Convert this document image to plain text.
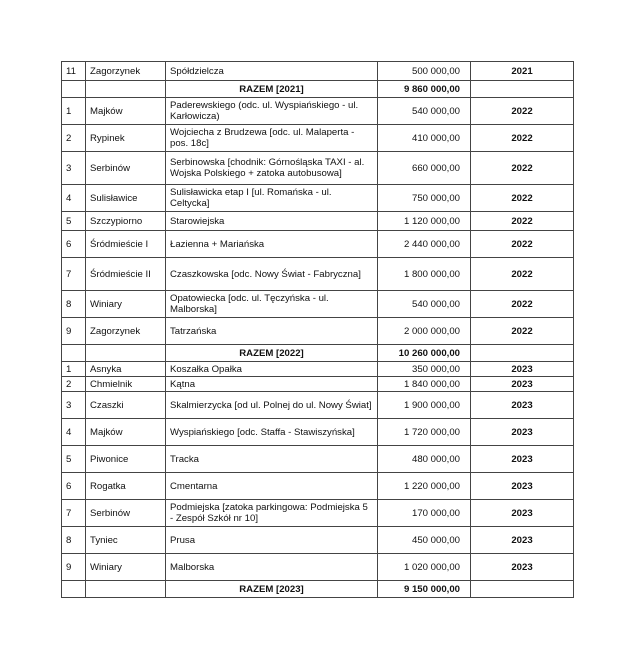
11	Zagorzynek	Spółdzielcza	500 000,00	2021
		RAZEM [2021]	9 860 000,00	
1	Majków	Paderewskiego (odc. ul. Wyspiańskiego - ul. Karłowicza)	540 000,00	2022
2	Rypinek	Wojciecha z Brudzewa [odc. ul. Malaperta - pos. 18c]	410 000,00	2022
3	Serbinów	Serbinowska [chodnik: Górnośląska TAXI - al. Wojska Polskiego + zatoka autobusowa]	660 000,00	2022
4	Sulisławice	Sulisławicka etap I [ul. Romańska - ul. Celtycka]	750 000,00	2022
5	Szczypiorno	Starowiejska	1 120 000,00	2022
6	Śródmieście I	Łazienna + Mariańska	2 440 000,00	2022
7	Śródmieście II	Czaszkowska [odc. Nowy Świat - Fabryczna]	1 800 000,00	2022
8	Winiary	Opatowiecka [odc. ul. Tęczyńska - ul. Malborska]	540 000,00	2022
9	Zagorzynek	Tatrzańska	2 000 000,00	2022
		RAZEM [2022]	10 260 000,00	
1	Asnyka	Koszałka Opałka	350 000,00	2023
2	Chmielnik	Kątna	1 840 000,00	2023
3	Czaszki	Skalmierzycka [od ul. Polnej do ul. Nowy Świat]	1 900 000,00	2023
4	Majków	Wyspiańskiego [odc. Staffa - Stawiszyńska]	1 720 000,00	2023
5	Piwonice	Tracka	480 000,00	2023
6	Rogatka	Cmentarna	1 220 000,00	2023
7	Serbinów	Podmiejska [zatoka parkingowa: Podmiejska 5 - Zespół Szkół nr 10]	170 000,00	2023
8	Tyniec	Prusa	450 000,00	2023
9	Winiary	Malborska	1 020 000,00	2023
		RAZEM [2023]	9 150 000,00	
